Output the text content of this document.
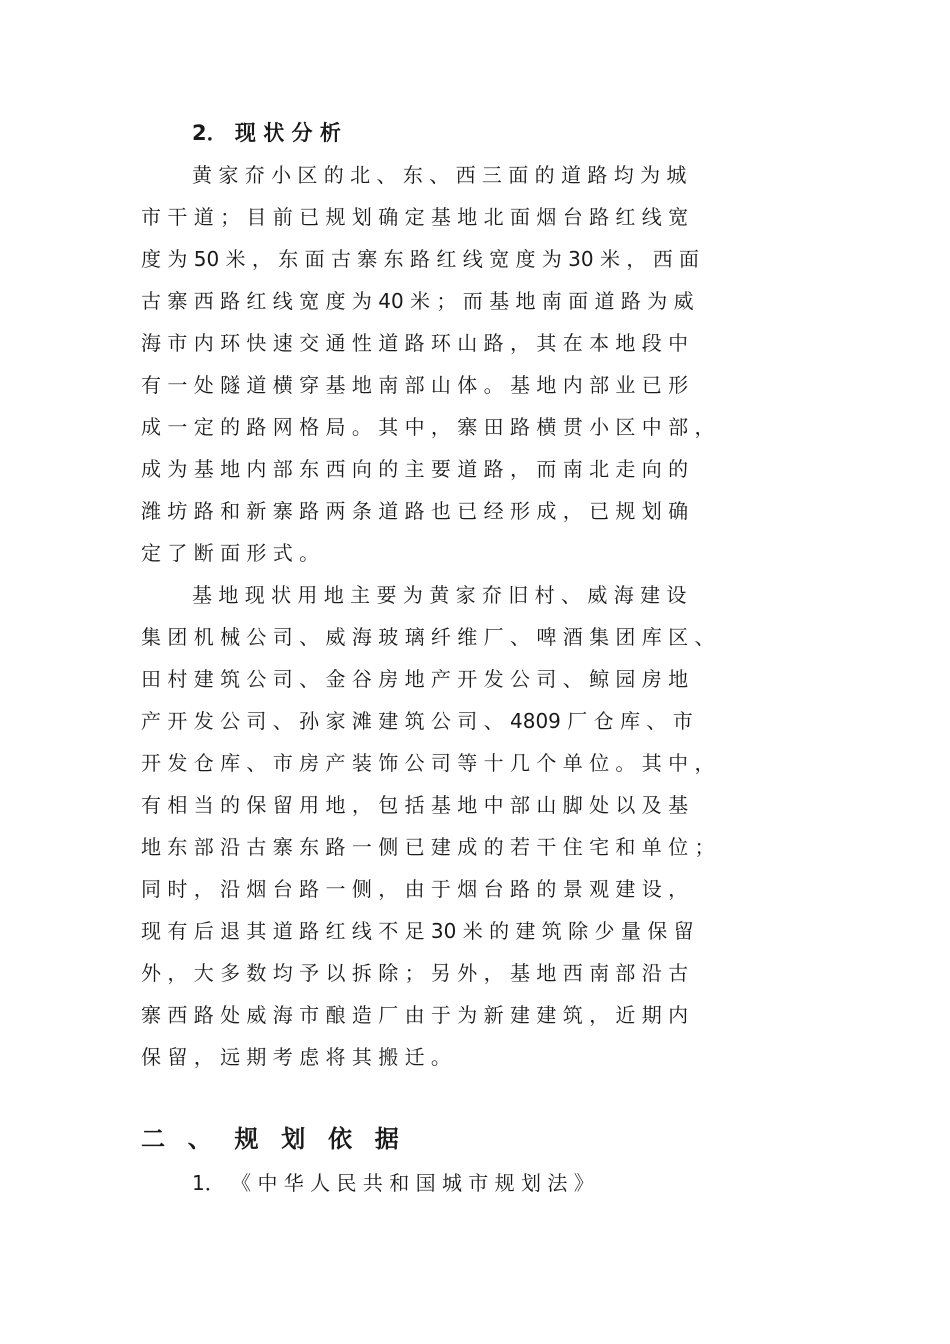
2． 现 状 分 析
黄 家 夼 小 区 的 北 、 东 、 西 三 面 的 道 路 均 为 城
市 干 道 ； 目 前 已 规 划 确 定 基 地 北 面 烟 台 路 红 线 宽
度 为 50 米 ， 东 面 古 寨 东 路 红 线 宽 度 为 30 米 ， 西 面
古 寨 西 路 红 线 宽 度 为 40 米 ； 而 基 地 南 面 道 路 为 威
海 市 内 环 快 速 交 通 性 道 路 环 山 路 ， 其 在 本 地 段 中
有 一 处 隧 道 横 穿 基 地 南 部 山 体 。 基 地 内 部 业 已 形
成 一 定 的 路 网 格 局 。 其 中 ， 寨 田 路 横 贯 小 区 中 部 ，
成 为 基 地 内 部 东 西 向 的 主 要 道 路 ， 而 南 北 走 向 的
潍 坊 路 和 新 寨 路 两 条 道 路 也 已 经 形 成 ， 已 规 划 确
定 了 断 面 形 式 。
基 地 现 状 用 地 主 要 为 黄 家 夼 旧 村 、 威 海 建 设
集 团 机 械 公 司 、 威 海 玻 璃 纤 维 厂 、 啤 酒 集 团 库 区 、
田 村 建 筑 公 司 、 金 谷 房 地 产 开 发 公 司 、 鲸 园 房 地
产 开 发 公 司 、 孙 家 滩 建 筑 公 司 、 4809 厂 仓 库 、 市
开 发 仓 库 、 市 房 产 装 饰 公 司 等 十 几 个 单 位 。 其 中 ，
有 相 当 的 保 留 用 地 ， 包 括 基 地 中 部 山 脚 处 以 及 基
地 东 部 沿 古 寨 东 路 一 侧 已 建 成 的 若 干 住 宅 和 单 位 ；
同 时 ， 沿 烟 台 路 一 侧 ， 由 于 烟 台 路 的 景 观 建 设 ，
现 有 后 退 其 道 路 红 线 不 足 30 米 的 建 筑 除 少 量 保 留
外 ， 大 多 数 均 予 以 拆 除 ； 另 外 ， 基 地 西 南 部 沿 古
寨 西 路 处 威 海 市 酿 造 厂 由 于 为 新 建 建 筑 ， 近 期 内
保 留 ， 远 期 考 虑 将 其 搬 迁 。
二 、 规 划 依 据
1． 《 中 华 人 民 共 和 国 城 市 规 划 法 》
